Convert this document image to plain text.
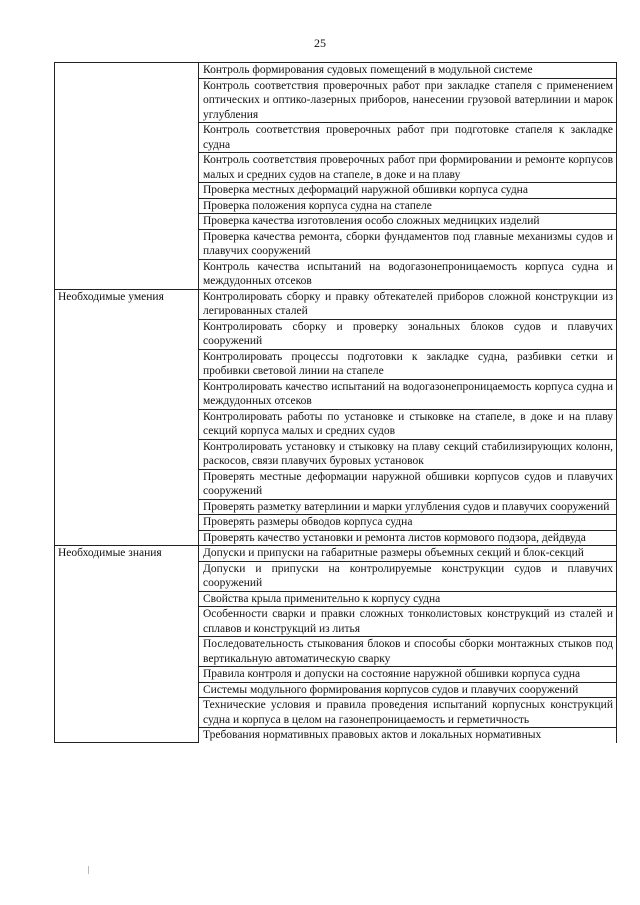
25
	Контроль формирования судовых помещений в модульной системе
	Контроль соответствия проверочных работ при закладке стапеля с применением оптических и оптико-лазерных приборов, нанесении грузовой ватерлинии и марок углубления
	Контроль соответствия проверочных работ при подготовке стапеля к закладке судна
	Контроль соответствия проверочных работ при формировании и ремонте корпусов малых и средних судов на стапеле, в доке и на плаву
	Проверка местных деформаций наружной обшивки корпуса судна
	Проверка положения корпуса судна на стапеле
	Проверка качества изготовления особо сложных медницких изделий
	Проверка качества ремонта, сборки фундаментов под главные механизмы судов и плавучих сооружений
	Контроль качества испытаний на водогазонепроницаемость корпуса судна и междудонных отсеков
Необходимые умения	Контролировать сборку и правку обтекателей приборов сложной конструкции из легированных сталей
	Контролировать сборку и проверку зональных блоков судов и плавучих сооружений
	Контролировать процессы подготовки к закладке судна, разбивки сетки и пробивки световой линии на стапеле
	Контролировать качество испытаний на водогазонепроницаемость корпуса судна и междудонных отсеков
	Контролировать работы по установке и стыковке на стапеле, в доке и на плаву секций корпуса малых и средних судов
	Контролировать установку и стыковку на плаву секций стабилизирующих колонн, раскосов, связи плавучих буровых установок
	Проверять местные деформации наружной обшивки корпусов судов и плавучих сооружений
	Проверять разметку ватерлинии и марки углубления судов и плавучих сооружений
	Проверять размеры обводов корпуса судна
	Проверять качество установки и ремонта листов кормового подзора, дейдвуда
Необходимые знания	Допуски и припуски на габаритные размеры объемных секций и блок-секций
	Допуски и припуски на контролируемые конструкции судов и плавучих сооружений
	Свойства крыла применительно к корпусу судна
	Особенности сварки и правки сложных тонколистовых конструкций из сталей и сплавов и конструкций из литья
	Последовательность стыкования блоков и способы сборки монтажных стыков под вертикальную автоматическую сварку
	Правила контроля и допуски на состояние наружной обшивки корпуса судна
	Системы модульного формирования корпусов судов и плавучих сооружений
	Технические условия и правила проведения испытаний корпусных конструкций судна и корпуса в целом на газонепроницаемость и герметичность
	Требования нормативных правовых актов и локальных нормативных
